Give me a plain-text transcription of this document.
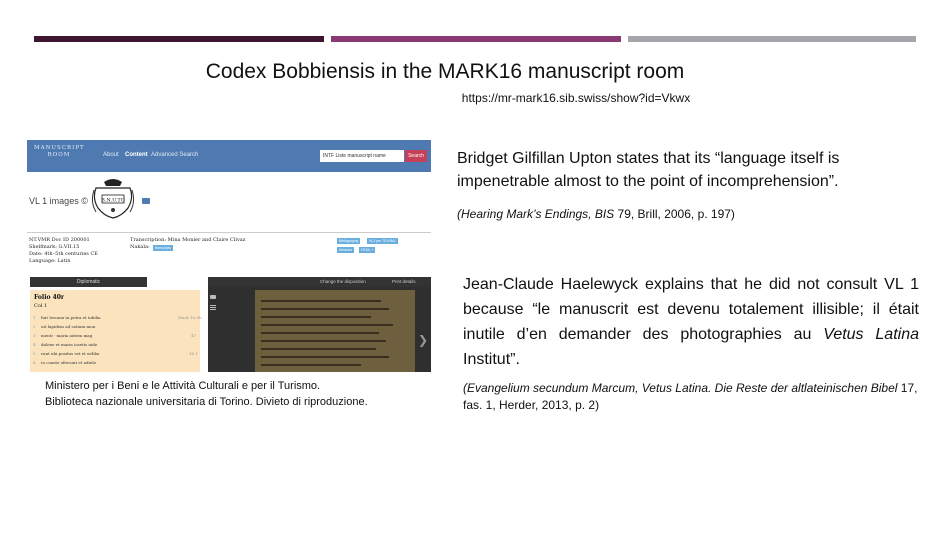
Codex Bobbiensis in the MARK16 manuscript room
https://mr-mark16.sib.swiss/show?id=Vkwx
MANUSCRIPT
ROOM	About Content Advanced Search	INTF Liste manuscript name	Search
VL 1 images ©	B.N.U.TO
NT.VMR Doc ID 200001
Shelfmark: G.VII.15
Date: 4th–5th centuries CE
Language: Latin
Transcription: Mina Monier and Claire Clivaz
Nakala:	transcripts
Bibliography	VL1 per TEI/XML
Abstract	HTML +
Diplomatic	Change the disposition	Print details
Folio 40r
Col 1
1 fuit Iesuum in petra et iubilia	Mark 16:6b
2 uit lapidem ad ostium mon
3 menti · maria autem mag	47
4 dalene et maria iosetis uide
5 runt ubi positus est et ueliba	16.1
6 to coaste ofiecunt et adiule
❯
Ministero per i Beni e le Attività Culturali e per il Turismo.
Biblioteca nazionale universitaria di Torino. Divieto di riproduzione.
Bridget Gilfillan Upton states that its “language itself is impenetrable almost to the point of incomprehension”.
(Hearing Mark’s Endings, BIS 79, Brill, 2006, p. 197)
Jean-Claude Haelewyck explains that he did not consult VL 1 because “le manuscrit est devenu totalement illisible; il était inutile d’en demander des photographies au Vetus Latina Institut”.
(Evangelium secundum Marcum, Vetus Latina. Die Reste der altlateinischen Bibel 17, fas. 1, Herder, 2013, p. 2)
